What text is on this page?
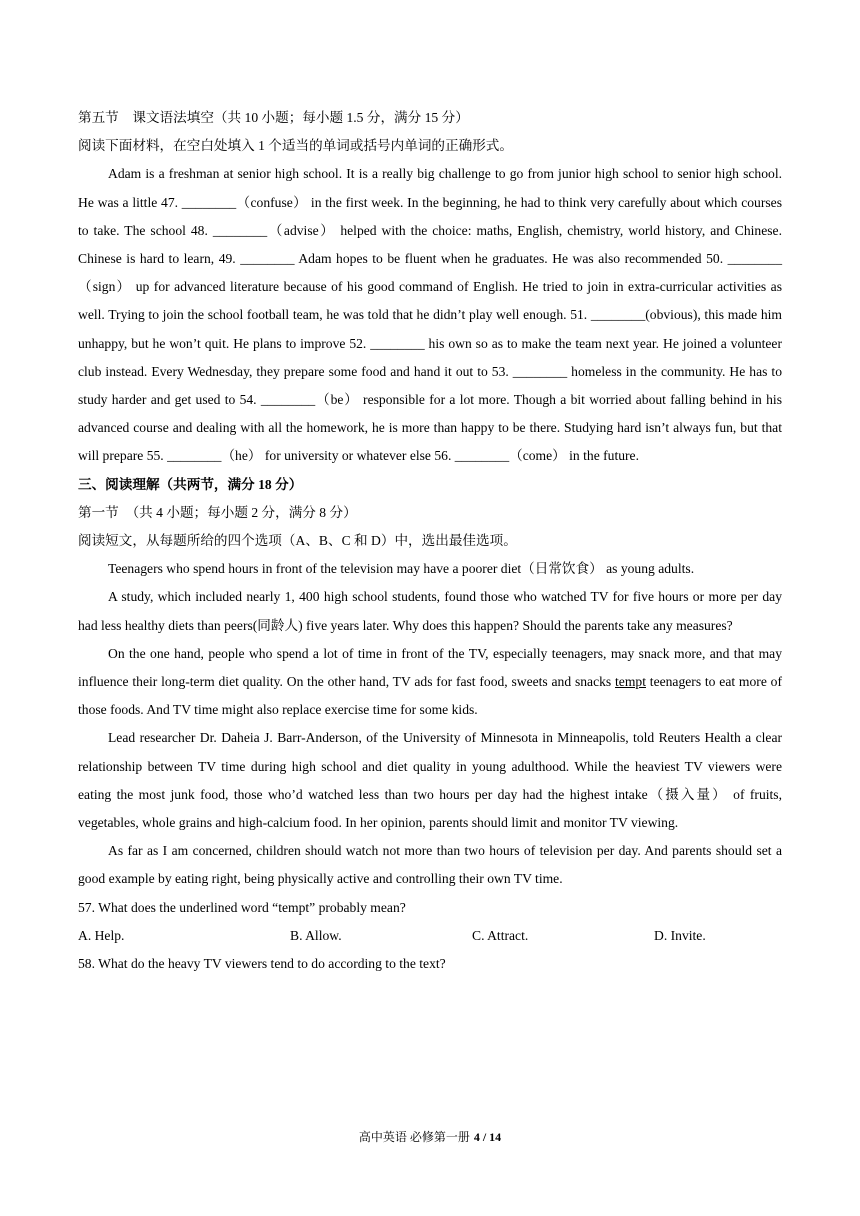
第五节　课文语法填空（共 10 小题；每小题 1.5 分，满分 15 分）

阅读下面材料，在空白处填入 1 个适当的单词或括号内单词的正确形式。

Adam is a freshman at senior high school. It is a really big challenge to go from junior high school to senior high school. He was a little 47. ________（confuse） in the first week. In the beginning, he had to think very carefully about which courses to take. The school 48. ________（advise） helped with the choice: maths, English, chemistry, world history, and Chinese. Chinese is hard to learn, 49. ________ Adam hopes to be fluent when he graduates. He was also recommended 50. ________（sign） up for advanced literature because of his good command of English. He tried to join in extra-curricular activities as well. Trying to join the school football team, he was told that he didn’t play well enough. 51. ________(obvious), this made him unhappy, but he won’t quit. He plans to improve 52. ________ his own so as to make the team next year. He joined a volunteer club instead. Every Wednesday, they prepare some food and hand it out to 53. ________ homeless in the community. He has to study harder and get used to 54. ________（be） responsible for a lot more. Though a bit worried about falling behind in his advanced course and dealing with all the homework, he is more than happy to be there. Studying hard isn’t always fun, but that will prepare 55. ________（he） for university or whatever else 56. ________（come） in the future.

三、阅读理解（共两节，满分 18 分）

第一节　（共 4 小题；每小题 2 分，满分 8 分）

阅读短文，从每题所给的四个选项（A、B、C 和 D）中，选出最佳选项。

Teenagers who spend hours in front of the television may have a poorer diet（日常饮食） as young adults.

A study, which included nearly 1, 400 high school students, found those who watched TV for five hours or more per day had less healthy diets than peers(同龄人) five years later. Why does this happen? Should the parents take any measures?

On the one hand, people who spend a lot of time in front of the TV, especially teenagers, may snack more, and that may influence their long-term diet quality. On the other hand, TV ads for fast food, sweets and snacks tempt teenagers to eat more of those foods. And TV time might also replace exercise time for some kids.

Lead researcher Dr. Daheia J. Barr-Anderson, of the University of Minnesota in Minneapolis, told Reuters Health a clear relationship between TV time during high school and diet quality in young adulthood. While the heaviest TV viewers were eating the most junk food, those who’d watched less than two hours per day had the highest intake（摄入量） of fruits, vegetables, whole grains and high-calcium food. In her opinion, parents should limit and monitor TV viewing.

As far as I am concerned, children should watch not more than two hours of television per day. And parents should set a good example by eating right, being physically active and controlling their own TV time.

57. What does the underlined word “tempt” probably mean?

A. Help.	B. Allow.	C. Attract.	D. Invite.

58. What do the heavy TV viewers tend to do according to the text?

高中英语 必修第一册 4 / 14
